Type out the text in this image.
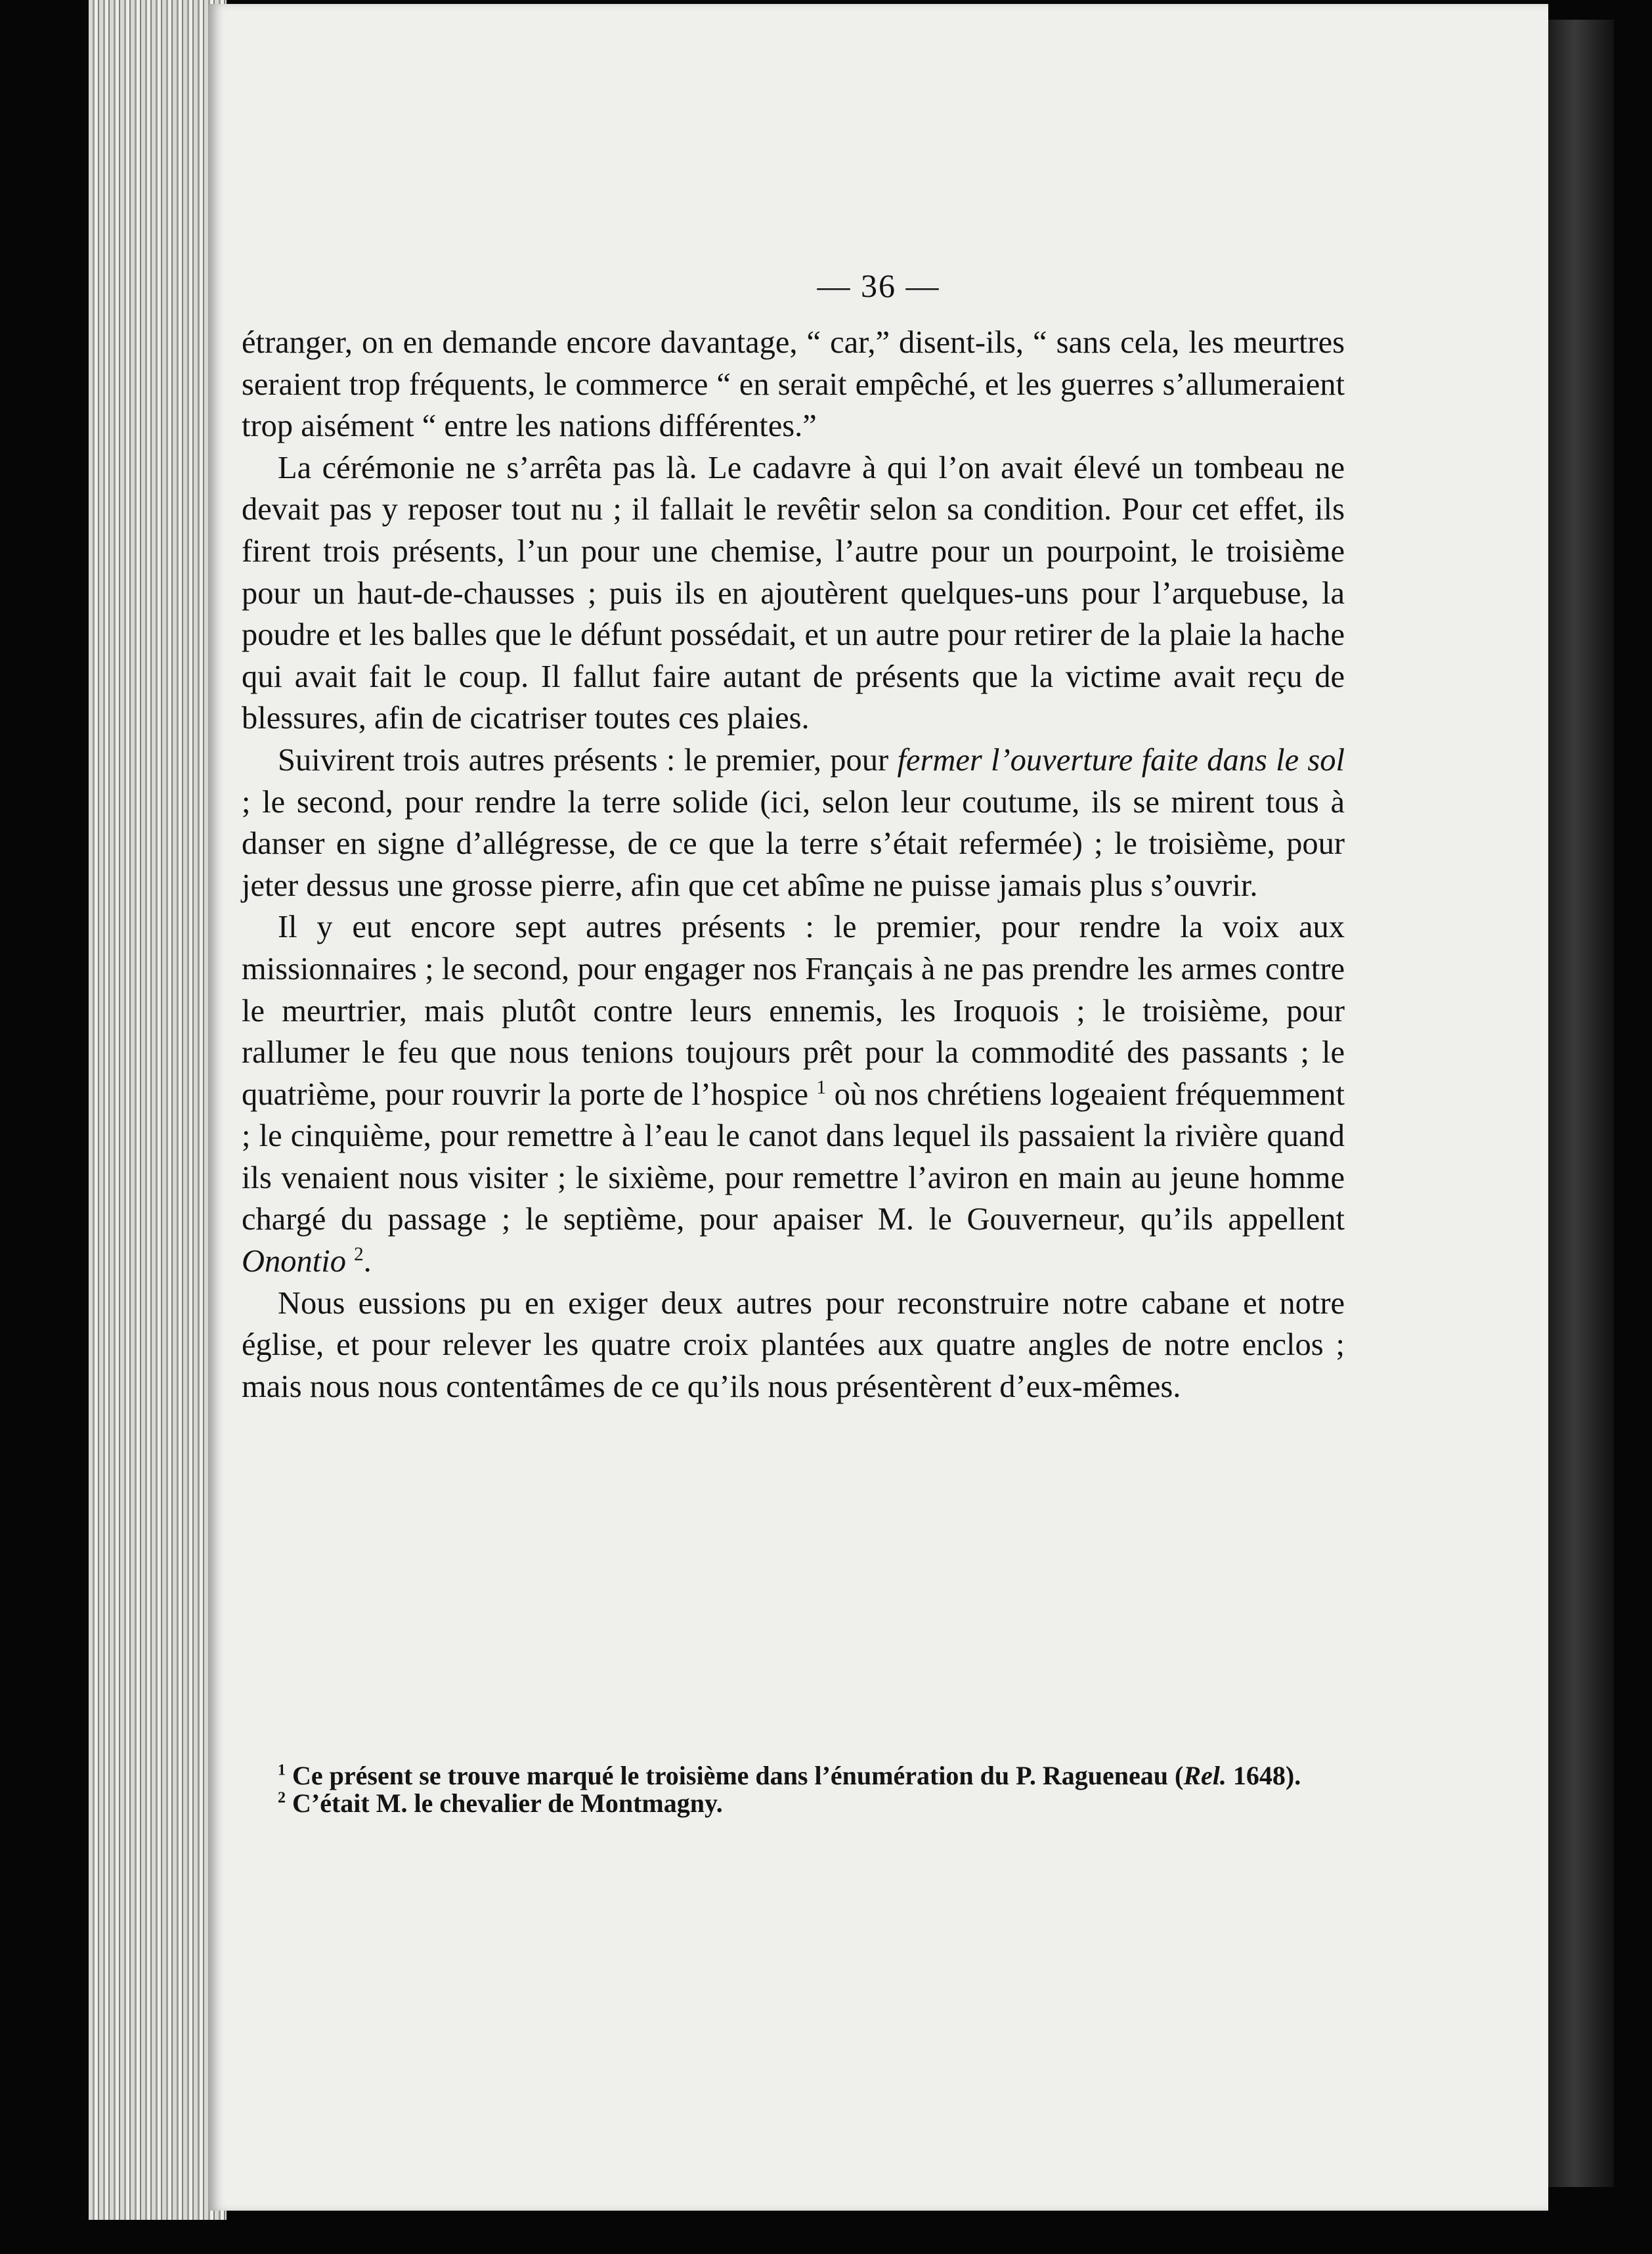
— 36 —

étranger, on en demande encore davantage, “ car,” disent-ils, “ sans cela, les meurtres seraient trop fréquents, le commerce “ en serait empêché, et les guerres s’allumeraient trop aisément “ entre les nations différentes.”

La cérémonie ne s’arrêta pas là. Le cadavre à qui l’on avait élevé un tombeau ne devait pas y reposer tout nu ; il fallait le revêtir selon sa condition. Pour cet effet, ils firent trois présents, l’un pour une chemise, l’autre pour un pourpoint, le troisième pour un haut-de-chausses ; puis ils en ajoutèrent quelques-uns pour l’arquebuse, la poudre et les balles que le défunt possédait, et un autre pour retirer de la plaie la hache qui avait fait le coup. Il fallut faire autant de présents que la victime avait reçu de blessures, afin de cicatriser toutes ces plaies.

Suivirent trois autres présents : le premier, pour fermer l’ouverture faite dans le sol ; le second, pour rendre la terre solide (ici, selon leur coutume, ils se mirent tous à danser en signe d’allégresse, de ce que la terre s’était refermée) ; le troisième, pour jeter dessus une grosse pierre, afin que cet abîme ne puisse jamais plus s’ouvrir.

Il y eut encore sept autres présents : le premier, pour rendre la voix aux missionnaires ; le second, pour engager nos Français à ne pas prendre les armes contre le meurtrier, mais plutôt contre leurs ennemis, les Iroquois ; le troisième, pour rallumer le feu que nous tenions toujours prêt pour la commodité des passants ; le quatrième, pour rouvrir la porte de l’hospice $^1$ où nos chrétiens logeaient fréquemment ; le cinquième, pour remettre à l’eau le canot dans lequel ils passaient la rivière quand ils venaient nous visiter ; le sixième, pour remettre l’aviron en main au jeune homme chargé du passage ; le septième, pour apaiser M. le Gouverneur, qu’ils appellent Onontio $^2$.

Nous eussions pu en exiger deux autres pour reconstruire notre cabane et notre église, et pour relever les quatre croix plantées aux quatre angles de notre enclos ; mais nous nous contentâmes de ce qu’ils nous présentèrent d’eux-mêmes.

$^1$ Ce présent se trouve marqué le troisième dans l’énumération du P. Ragueneau (Rel. 1648).

$^2$ C’était M. le chevalier de Montmagny.
